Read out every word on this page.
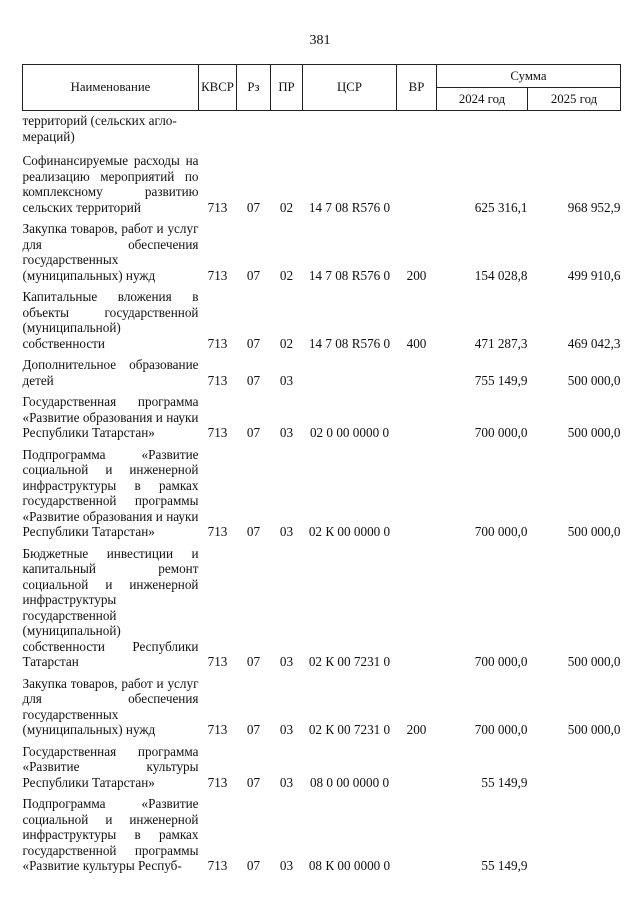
381
Наименование	КВСР	Рз	ПР	ЦСР	ВР	Сумма	
						2024 год	2025 год
территорий (сельских агло-
мераций)							

Софинансируемые расходы на реализацию мероприятий по комплексному развитию сельских территорий	713	07	02	14 7 08 R576 0		625 316,1	968 952,9

Закупка товаров, работ и услуг для обеспечения государственных (муниципальных) нужд	713	07	02	14 7 08 R576 0	200	154 028,8	499 910,6

Капитальные вложения в объекты государственной (муниципальной) собственности	713	07	02	14 7 08 R576 0	400	471 287,3	469 042,3

Дополнительное образование детей	713	07	03			755 149,9	500 000,0

Государственная программа «Развитие образования и науки Республики Татарстан»	713	07	03	02 0 00 0000 0		700 000,0	500 000,0

Подпрограмма «Развитие социальной и инженерной инфраструктуры в рамках государственной программы «Развитие образования и науки Республики Татарстан»	713	07	03	02 К 00 0000 0		700 000,0	500 000,0

Бюджетные инвестиции и капитальный ремонт социальной и инженерной инфраструктуры государственной (муниципальной) собственности Республики Татарстан	713	07	03	02 К 00 7231 0		700 000,0	500 000,0

Закупка товаров, работ и услуг для обеспечения государственных (муниципальных) нужд	713	07	03	02 К 00 7231 0	200	700 000,0	500 000,0

Государственная программа «Развитие культуры Республики Татарстан»	713	07	03	08 0 00 0000 0		55 149,9	

Подпрограмма «Развитие социальной и инженерной инфраструктуры в рамках государственной программы «Развитие культуры Респуб-	713	07	03	08 К 00 0000 0		55 149,9	
